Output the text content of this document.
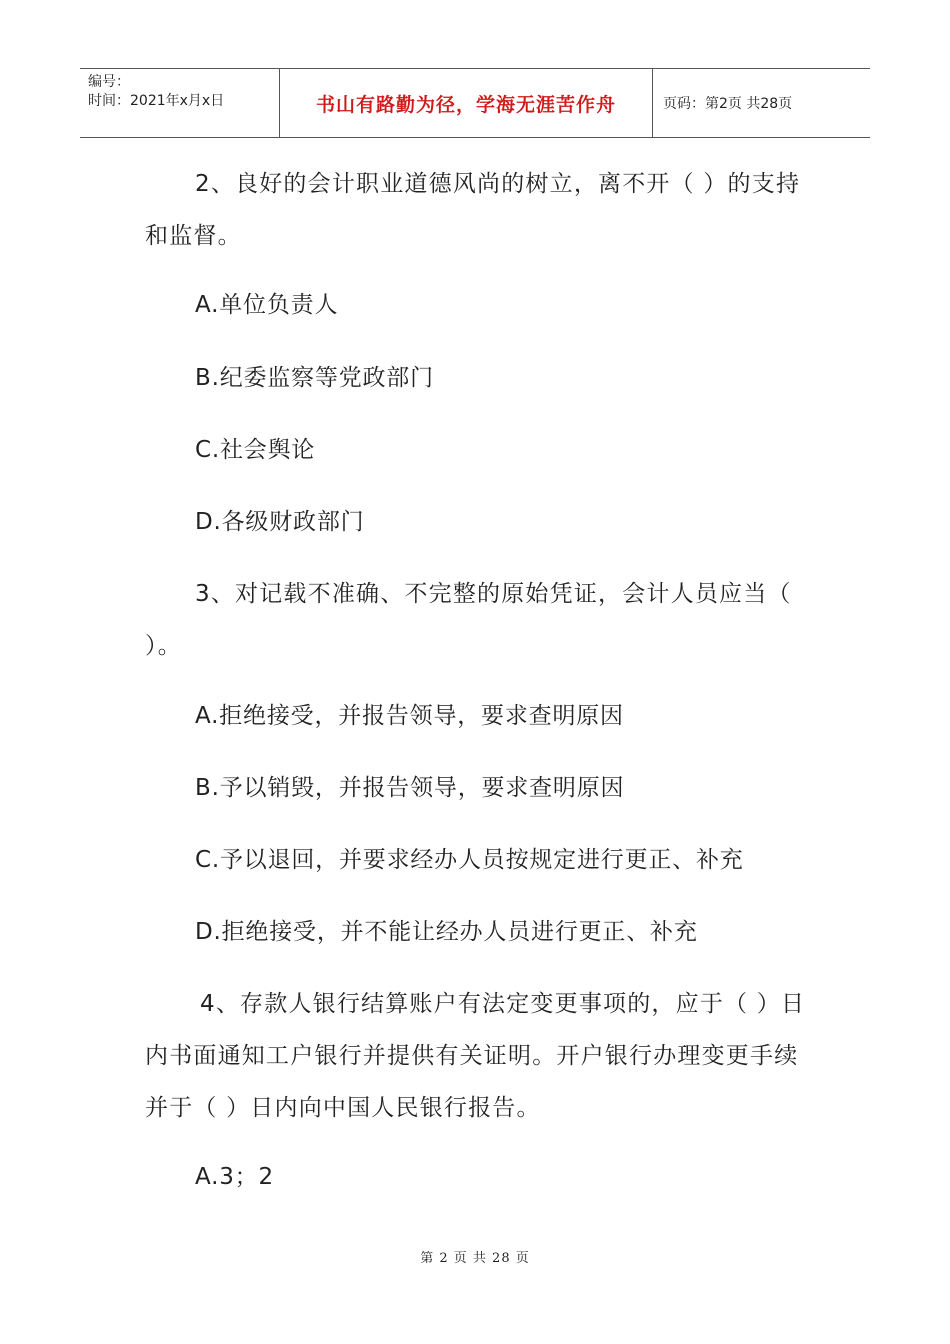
编号：
时间：2021年x月x日	书山有路勤为径，学海无涯苦作舟	页码：第2页 共28页
2、良好的会计职业道德风尚的树立，离不开（ ）的支持和监督。
A.单位负责人
B.纪委监察等党政部门
C.社会舆论
D.各级财政部门
3、对记载不准确、不完整的原始凭证，会计人员应当（ ）。
A.拒绝接受，并报告领导，要求查明原因
B.予以销毁，并报告领导，要求查明原因
C.予以退回，并要求经办人员按规定进行更正、补充
D.拒绝接受，并不能让经办人员进行更正、补充
4、存款人银行结算账户有法定变更事项的，应于（ ）日内书面通知工户银行并提供有关证明。开户银行办理变更手续并于（ ）日内向中国人民银行报告。
A.3；2
第 2 页 共 28 页
